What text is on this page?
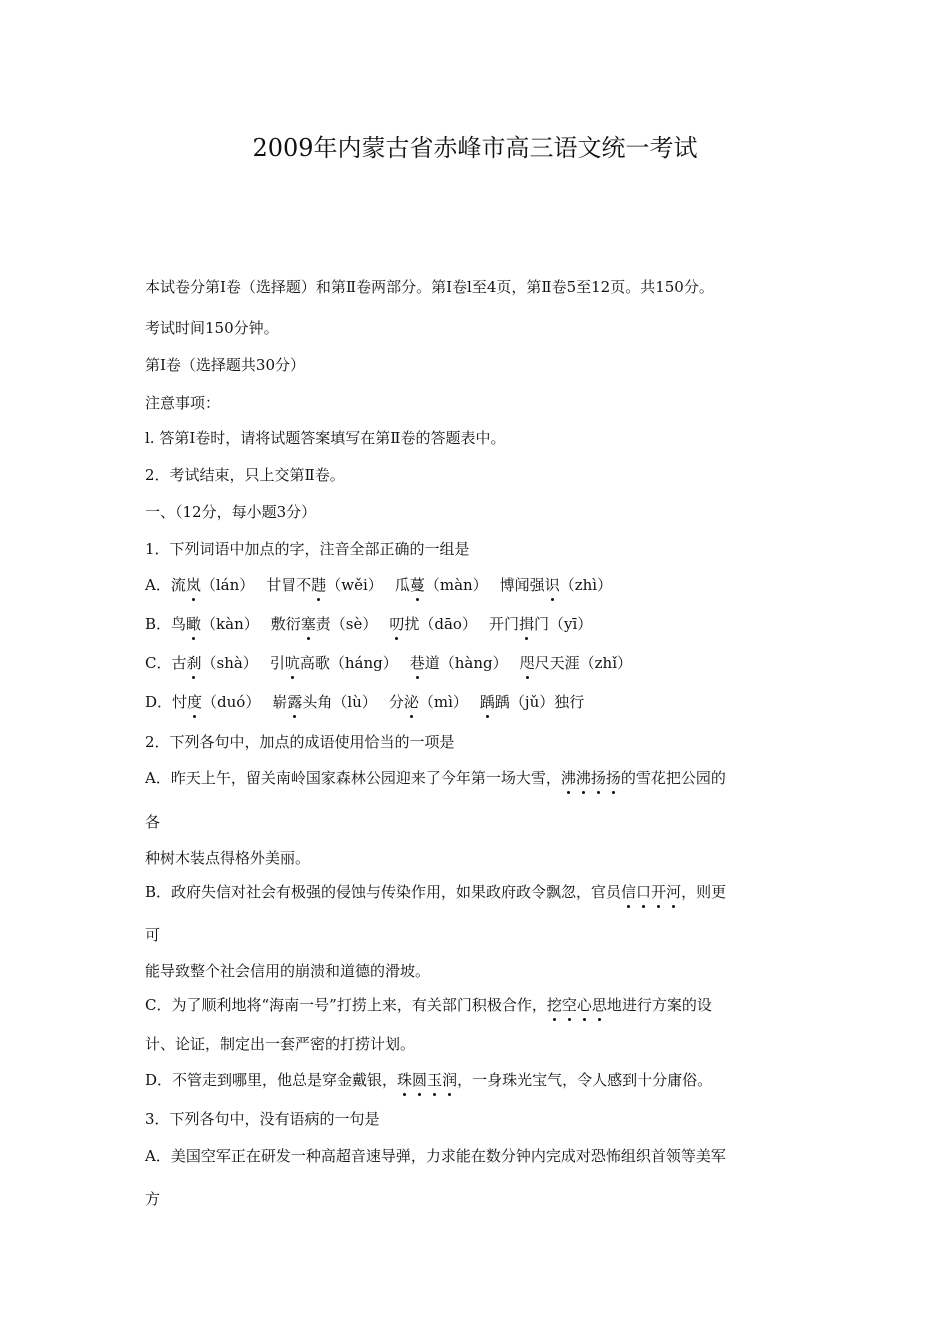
2009年内蒙古省赤峰市高三语文统一考试
本试卷分第I卷（选择题）和第Ⅱ卷两部分。第Ⅰ卷l至4页，第Ⅱ卷5至12页。共150分。
考试时间150分钟。
第I卷（选择题共30分）
注意事项：
l. 答第I卷时，请将试题答案填写在第Ⅱ卷的答题表中。
2．考试结束，只上交第Ⅱ卷。
一、（12分，每小题3分）
1．下列词语中加点的字，注音全部正确的一组是
A．流岚（lán） 甘冒不韪（wěi） 瓜蔓（màn） 博闻强识（zhì）
B．鸟瞰（kàn） 敷衍塞责（sè） 叨扰（dāo） 开门揖门（yī）
C．古刹（shà） 引吭高歌（háng） 巷道（hàng） 咫尺天涯（zhǐ）
D．忖度（duó） 崭露头角（lù） 分泌（mì） 踽踽（jǔ）独行
2．下列各句中，加点的成语使用恰当的一项是
A．昨天上午，留关南岭国家森林公园迎来了今年第一场大雪，沸沸扬扬的雪花把公园的
各
种树木装点得格外美丽。
B．政府失信对社会有极强的侵蚀与传染作用，如果政府政令飘忽，官员信口开河，则更
可
能导致整个社会信用的崩溃和道德的滑坡。
C．为了顺利地将“海南一号”打捞上来，有关部门积极合作，挖空心思地进行方案的设
计、论证，制定出一套严密的打捞计划。
D．不管走到哪里，他总是穿金戴银，珠圆玉润，一身珠光宝气，令人感到十分庸俗。
3．下列各句中，没有语病的一句是
A．美国空军正在研发一种高超音速导弹，力求能在数分钟内完成对恐怖组织首领等美军
方
